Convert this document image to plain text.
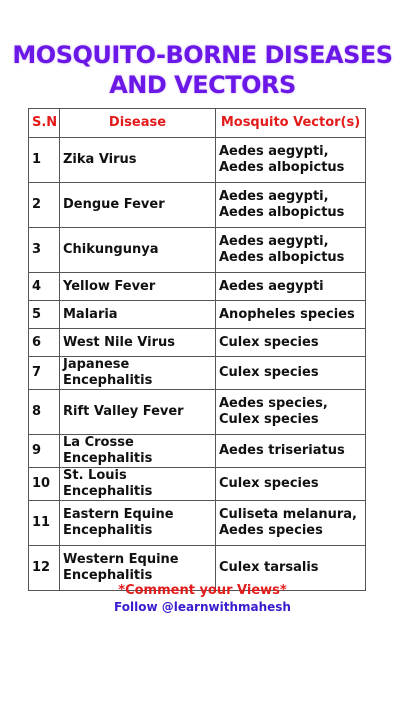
MOSQUITO-BORNE DISEASES
AND VECTORS
S.N	Disease	Mosquito Vector(s)
1	Zika Virus	Aedes aegypti, Aedes albopictus
2	Dengue Fever	Aedes aegypti, Aedes albopictus
3	Chikungunya	Aedes aegypti, Aedes albopictus
4	Yellow Fever	Aedes aegypti
5	Malaria	Anopheles species
6	West Nile Virus	Culex species
7	Japanese Encephalitis	Culex species
8	Rift Valley Fever	Aedes species, Culex species
9	La Crosse Encephalitis	Aedes triseriatus
10	St. Louis Encephalitis	Culex species
11	Eastern Equine Encephalitis	Culiseta melanura, Aedes species
12	Western Equine Encephalitis	Culex tarsalis
*Comment your Views*
Follow @learnwithmahesh
